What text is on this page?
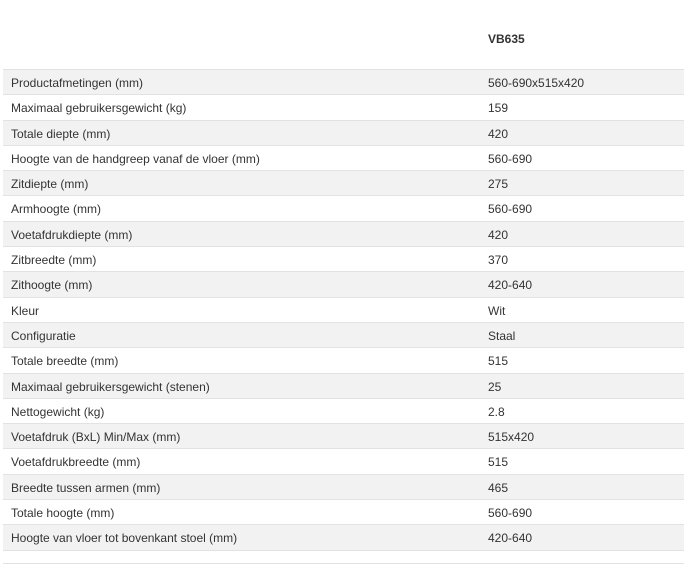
VB635
Productafmetingen (mm)	560-690x515x420
Maximaal gebruikersgewicht (kg)	159
Totale diepte (mm)	420
Hoogte van de handgreep vanaf de vloer (mm)	560-690
Zitdiepte (mm)	275
Armhoogte (mm)	560-690
Voetafdrukdiepte (mm)	420
Zitbreedte (mm)	370
Zithoogte (mm)	420-640
Kleur	Wit
Configuratie	Staal
Totale breedte (mm)	515
Maximaal gebruikersgewicht (stenen)	25
Nettogewicht (kg)	2.8
Voetafdruk (BxL) Min/Max (mm)	515x420
Voetafdrukbreedte (mm)	515
Breedte tussen armen (mm)	465
Totale hoogte (mm)	560-690
Hoogte van vloer tot bovenkant stoel (mm)	420-640
